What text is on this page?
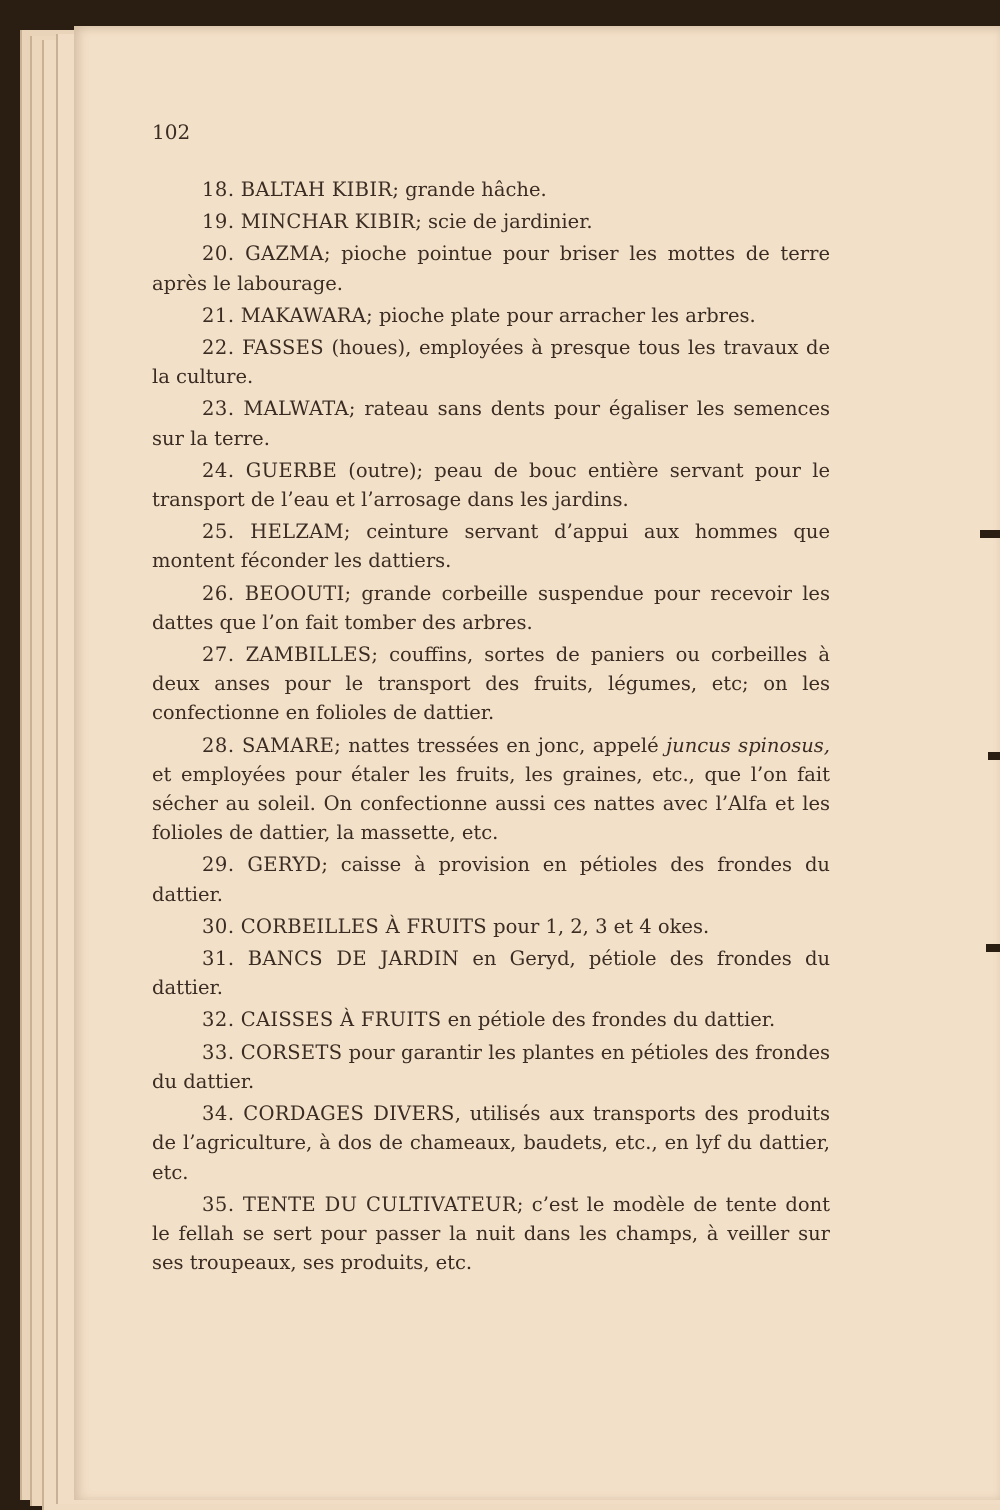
102

18. BALTAH KIBIR; grande hâche.

19. MINCHAR KIBIR; scie de jardinier.

20. GAZMA; pioche pointue pour briser les mottes de terre après le labourage.

21. MAKAWARA; pioche plate pour arracher les arbres.

22. FASSES (houes), employées à presque tous les travaux de la culture.

23. MALWATA; rateau sans dents pour égaliser les semences sur la terre.

24. GUERBE (outre); peau de bouc entière servant pour le transport de l’eau et l’arrosage dans les jardins.

25. HELZAM; ceinture servant d’appui aux hommes que montent féconder les dattiers.

26. BEOOUTI; grande corbeille suspendue pour recevoir les dattes que l’on fait tomber des arbres.

27. ZAMBILLES; couffins, sortes de paniers ou corbeilles à deux anses pour le transport des fruits, légumes, etc; on les confectionne en folioles de dattier.

28. SAMARE; nattes tressées en jonc, appelé juncus spinosus, et employées pour étaler les fruits, les graines, etc., que l’on fait sécher au soleil. On confectionne aussi ces nattes avec l’Alfa et les folioles de dattier, la massette, etc.

29. GERYD; caisse à provision en pétioles des frondes du dattier.

30. CORBEILLES À FRUITS pour 1, 2, 3 et 4 okes.

31. BANCS DE JARDIN en Geryd, pétiole des frondes du dattier.

32. CAISSES À FRUITS en pétiole des frondes du dattier.

33. CORSETS pour garantir les plantes en pétioles des frondes du dattier.

34. CORDAGES DIVERS, utilisés aux transports des produits de l’agriculture, à dos de chameaux, baudets, etc., en lyf du dattier, etc.

35. TENTE DU CULTIVATEUR; c’est le modèle de tente dont le fellah se sert pour passer la nuit dans les champs, à veiller sur ses troupeaux, ses produits, etc.
